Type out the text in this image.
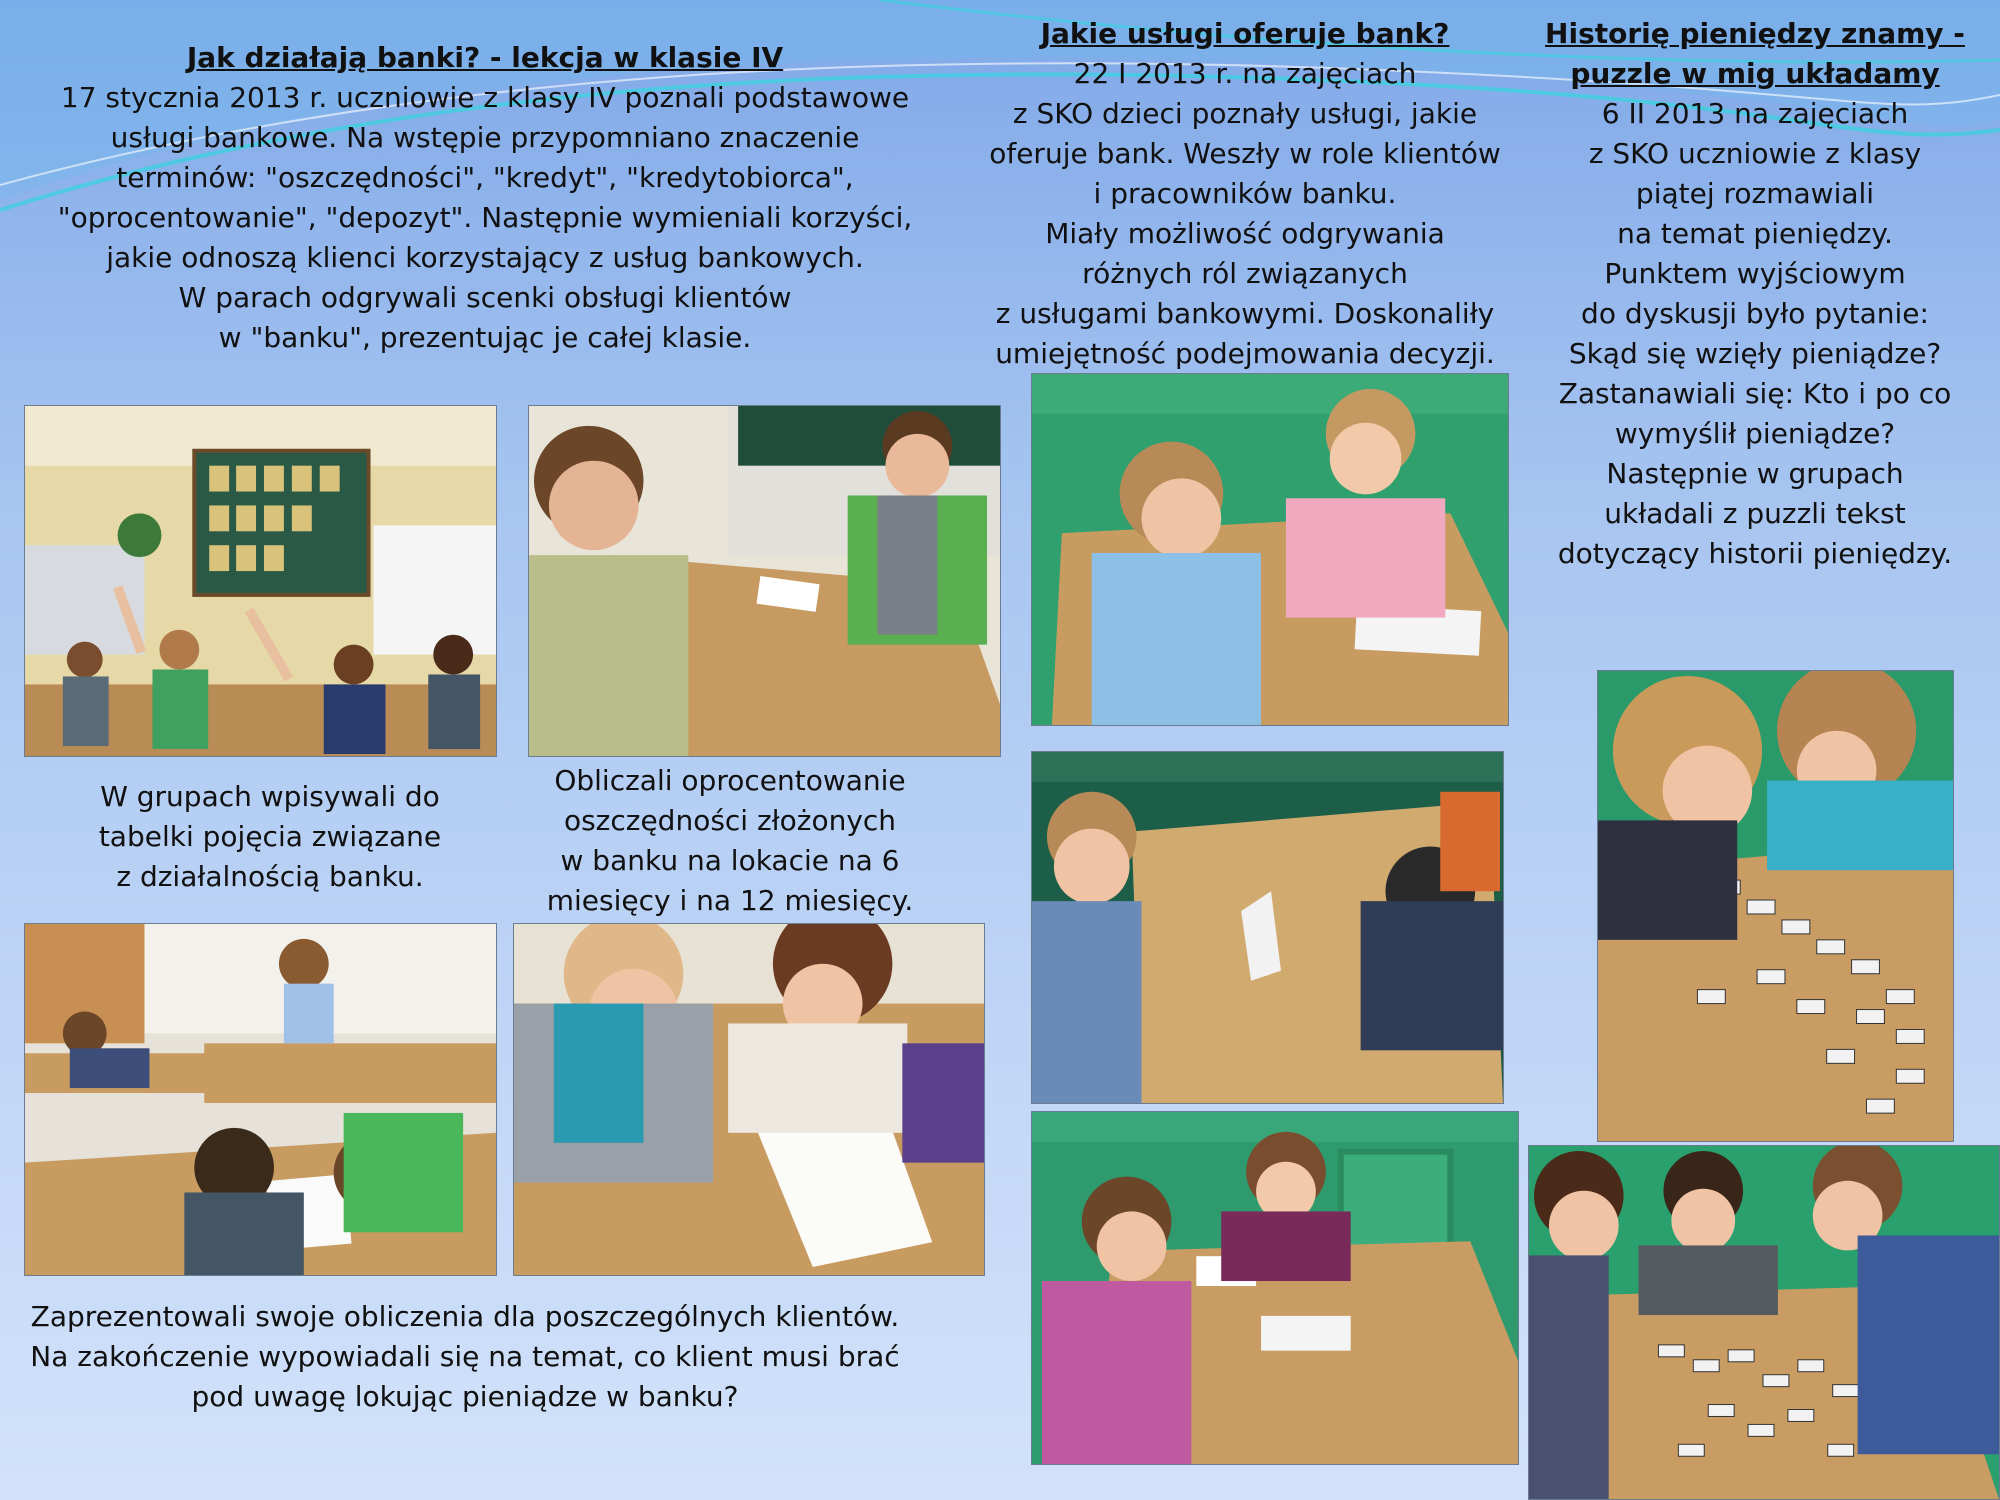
Jak działają banki? - lekcja w klasie IV
17 stycznia 2013 r. uczniowie z klasy IV poznali podstawowe
usługi bankowe. Na wstępie przypomniano znaczenie
terminów: "oszczędności", "kredyt", "kredytobiorca",
"oprocentowanie", "depozyt". Następnie wymieniali korzyści,
jakie odnoszą klienci korzystający z usług bankowych.
W parach odgrywali scenki obsługi klientów
w "banku", prezentując je całej klasie.
Jakie usługi oferuje bank?
22 I 2013 r. na zajęciach
z SKO dzieci poznały usługi, jakie
oferuje bank. Weszły w role klientów
i pracowników banku.
Miały możliwość odgrywania
różnych ról związanych
z usługami bankowymi. Doskonaliły
umiejętność podejmowania decyzji.
Historię pieniędzy znamy -
puzzle w mig układamy
6 II 2013 na zajęciach
z SKO uczniowie z klasy
piątej rozmawiali
na temat pieniędzy.
Punktem wyjściowym
do dyskusji było pytanie:
Skąd się wzięły pieniądze?
Zastanawiali się: Kto i po co
wymyślił pieniądze?
Następnie w grupach
układali z puzzli tekst
dotyczący historii pieniędzy.
W grupach wpisywali do
tabelki pojęcia związane
z działalnością banku.
Obliczali oprocentowanie
oszczędności złożonych
w banku na lokacie na 6
miesięcy i na 12 miesięcy.
Zaprezentowali swoje obliczenia dla poszczególnych klientów.
Na zakończenie wypowiadali się na temat, co klient musi brać
pod uwagę lokując pieniądze w banku?
